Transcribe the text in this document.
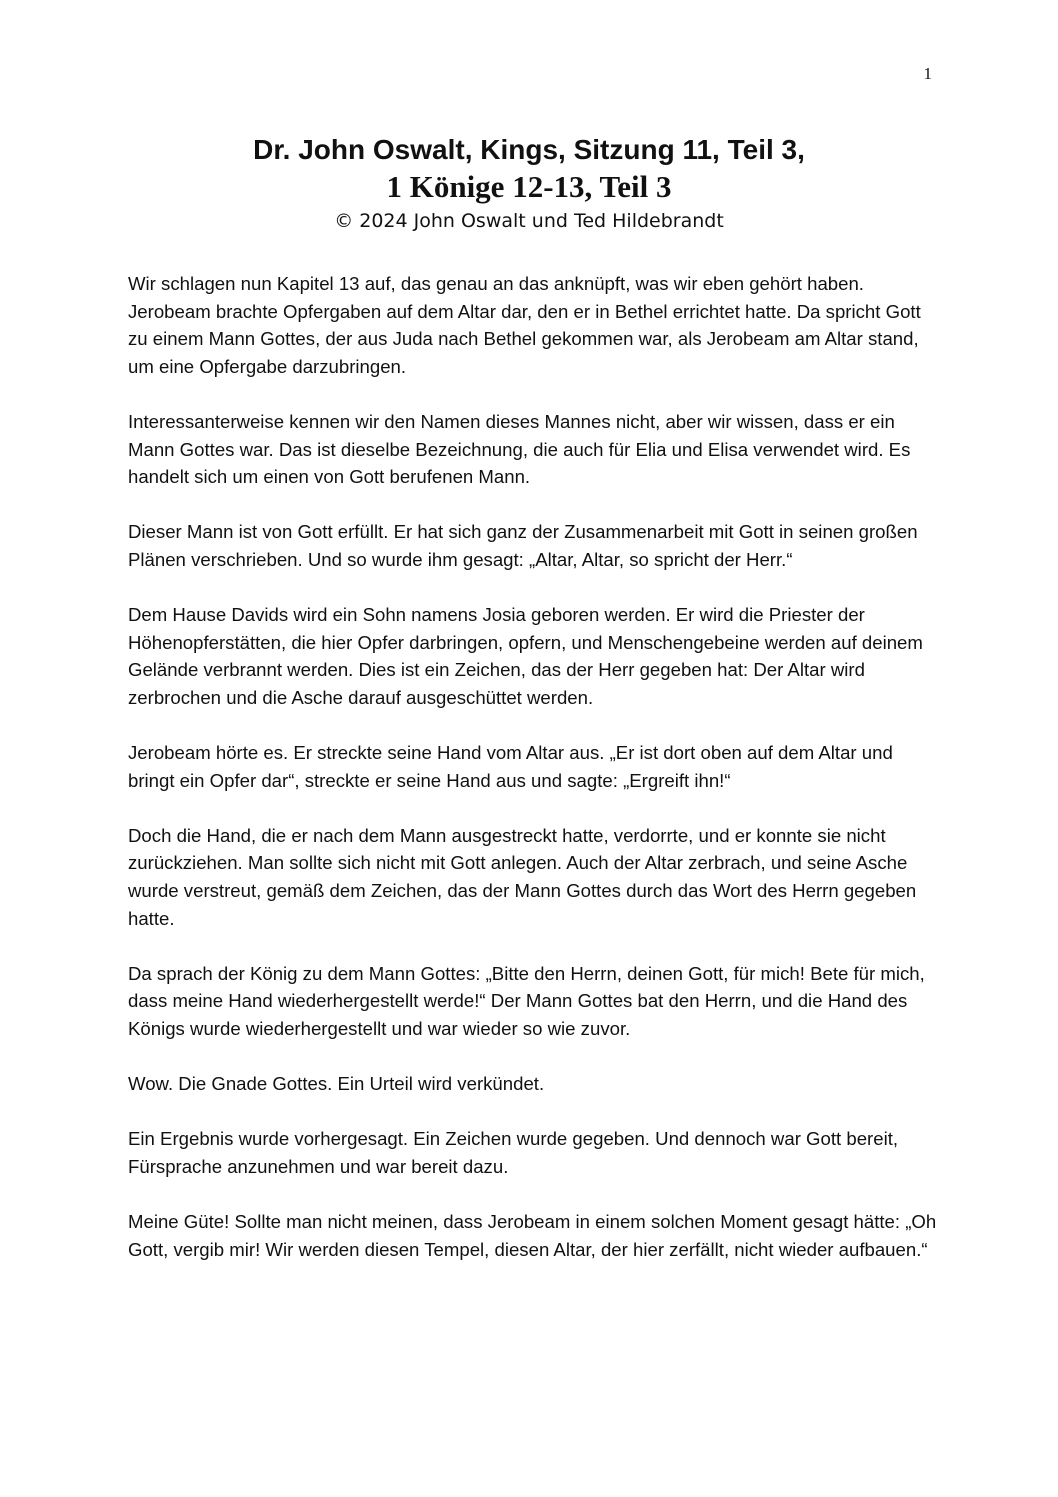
1
Dr. John Oswalt, Kings, Sitzung 11, Teil 3,
1 Könige 12-13, Teil 3
© 2024 John Oswalt und Ted Hildebrandt

Wir schlagen nun Kapitel 13 auf, das genau an das anknüpft, was wir eben gehört haben. Jerobeam brachte Opfergaben auf dem Altar dar, den er in Bethel errichtet hatte. Da spricht Gott zu einem Mann Gottes, der aus Juda nach Bethel gekommen war, als Jerobeam am Altar stand, um eine Opfergabe darzubringen.

Interessanterweise kennen wir den Namen dieses Mannes nicht, aber wir wissen, dass er ein Mann Gottes war. Das ist dieselbe Bezeichnung, die auch für Elia und Elisa verwendet wird. Es handelt sich um einen von Gott berufenen Mann.

Dieser Mann ist von Gott erfüllt. Er hat sich ganz der Zusammenarbeit mit Gott in seinen großen Plänen verschrieben. Und so wurde ihm gesagt: „Altar, Altar, so spricht der Herr.“

Dem Hause Davids wird ein Sohn namens Josia geboren werden. Er wird die Priester der Höhenopferstätten, die hier Opfer darbringen, opfern, und Menschengebeine werden auf deinem Gelände verbrannt werden. Dies ist ein Zeichen, das der Herr gegeben hat: Der Altar wird zerbrochen und die Asche darauf ausgeschüttet werden.

Jerobeam hörte es. Er streckte seine Hand vom Altar aus. „Er ist dort oben auf dem Altar und bringt ein Opfer dar“, streckte er seine Hand aus und sagte: „Ergreift ihn!“

Doch die Hand, die er nach dem Mann ausgestreckt hatte, verdorrte, und er konnte sie nicht zurückziehen. Man sollte sich nicht mit Gott anlegen. Auch der Altar zerbrach, und seine Asche wurde verstreut, gemäß dem Zeichen, das der Mann Gottes durch das Wort des Herrn gegeben hatte.

Da sprach der König zu dem Mann Gottes: „Bitte den Herrn, deinen Gott, für mich! Bete für mich, dass meine Hand wiederhergestellt werde!“ Der Mann Gottes bat den Herrn, und die Hand des Königs wurde wiederhergestellt und war wieder so wie zuvor.

Wow. Die Gnade Gottes. Ein Urteil wird verkündet.

Ein Ergebnis wurde vorhergesagt. Ein Zeichen wurde gegeben. Und dennoch war Gott bereit, Fürsprache anzunehmen und war bereit dazu.

Meine Güte! Sollte man nicht meinen, dass Jerobeam in einem solchen Moment gesagt hätte: „Oh Gott, vergib mir! Wir werden diesen Tempel, diesen Altar, der hier zerfällt, nicht wieder aufbauen.“
